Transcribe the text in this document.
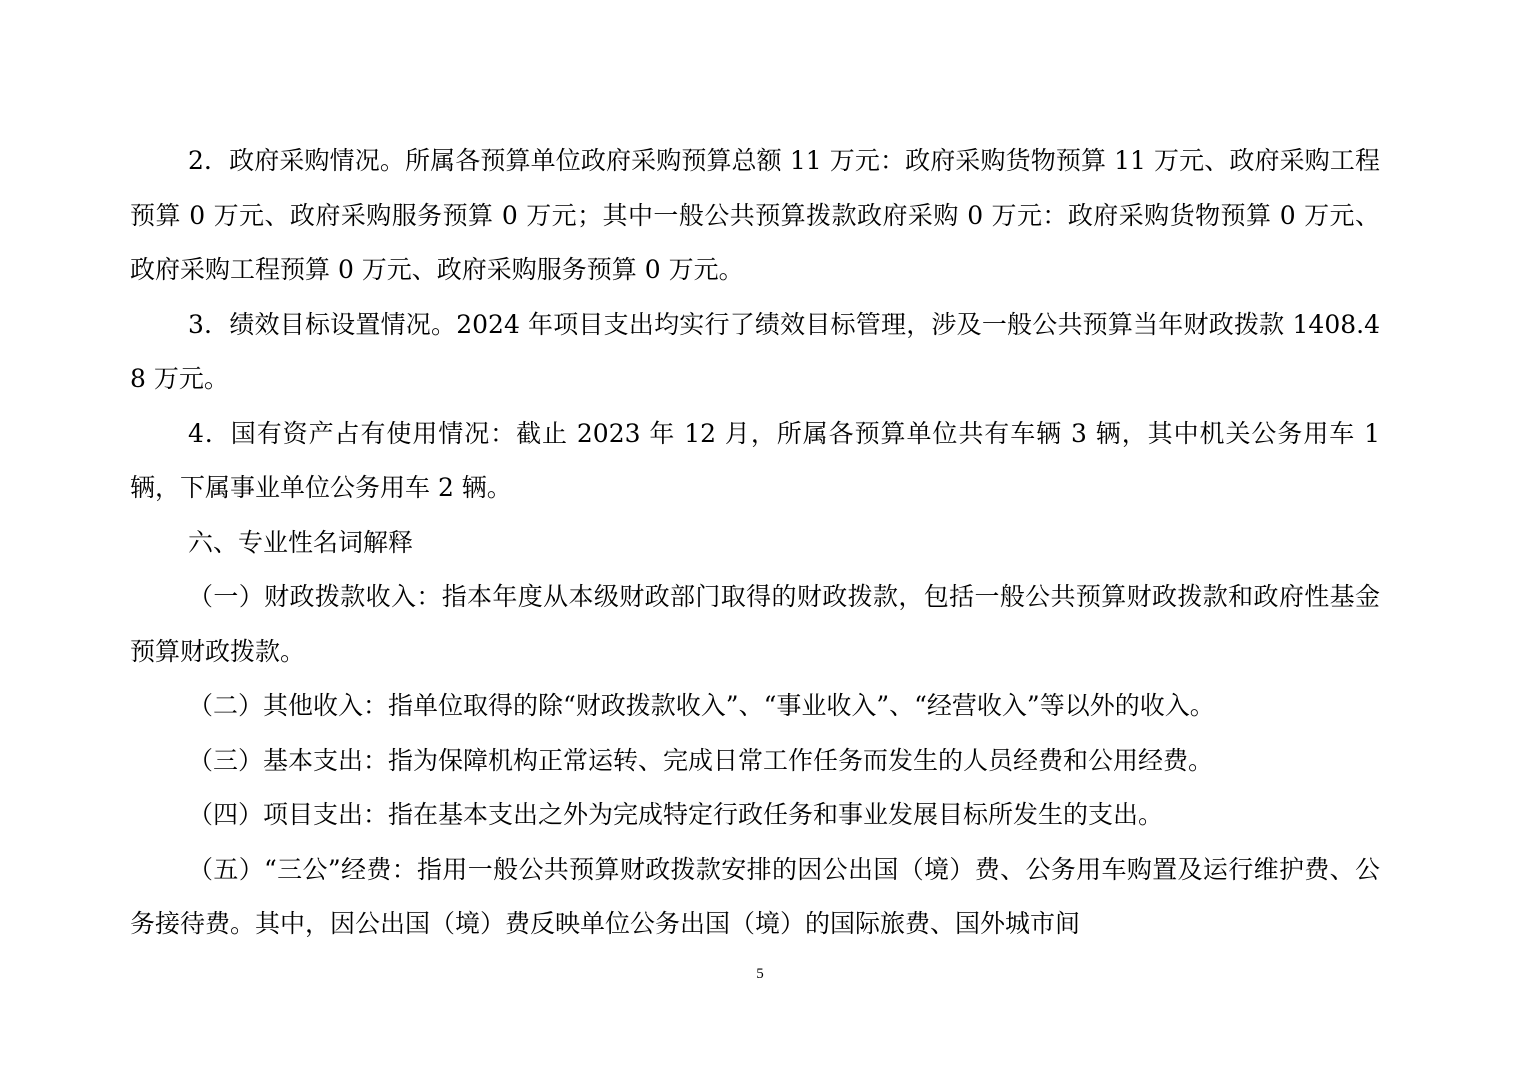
2．政府采购情况。所属各预算单位政府采购预算总额 11 万元：政府采购货物预算 11 万元、政府采购工程预算 0 万元、政府采购服务预算 0 万元；其中一般公共预算拨款政府采购 0 万元：政府采购货物预算 0 万元、政府采购工程预算 0 万元、政府采购服务预算 0 万元。

3．绩效目标设置情况。2024 年项目支出均实行了绩效目标管理，涉及一般公共预算当年财政拨款 1408.48 万元。

4．国有资产占有使用情况：截止 2023 年 12 月，所属各预算单位共有车辆 3 辆，其中机关公务用车 1 辆，下属事业单位公务用车 2 辆。

六、专业性名词解释

（一）财政拨款收入：指本年度从本级财政部门取得的财政拨款，包括一般公共预算财政拨款和政府性基金预算财政拨款。

（二）其他收入：指单位取得的除“财政拨款收入”、“事业收入”、“经营收入”等以外的收入。

（三）基本支出：指为保障机构正常运转、完成日常工作任务而发生的人员经费和公用经费。

（四）项目支出：指在基本支出之外为完成特定行政任务和事业发展目标所发生的支出。

（五）“三公”经费：指用一般公共预算财政拨款安排的因公出国（境）费、公务用车购置及运行维护费、公务接待费。其中，因公出国（境）费反映单位公务出国（境）的国际旅费、国外城市间

5
